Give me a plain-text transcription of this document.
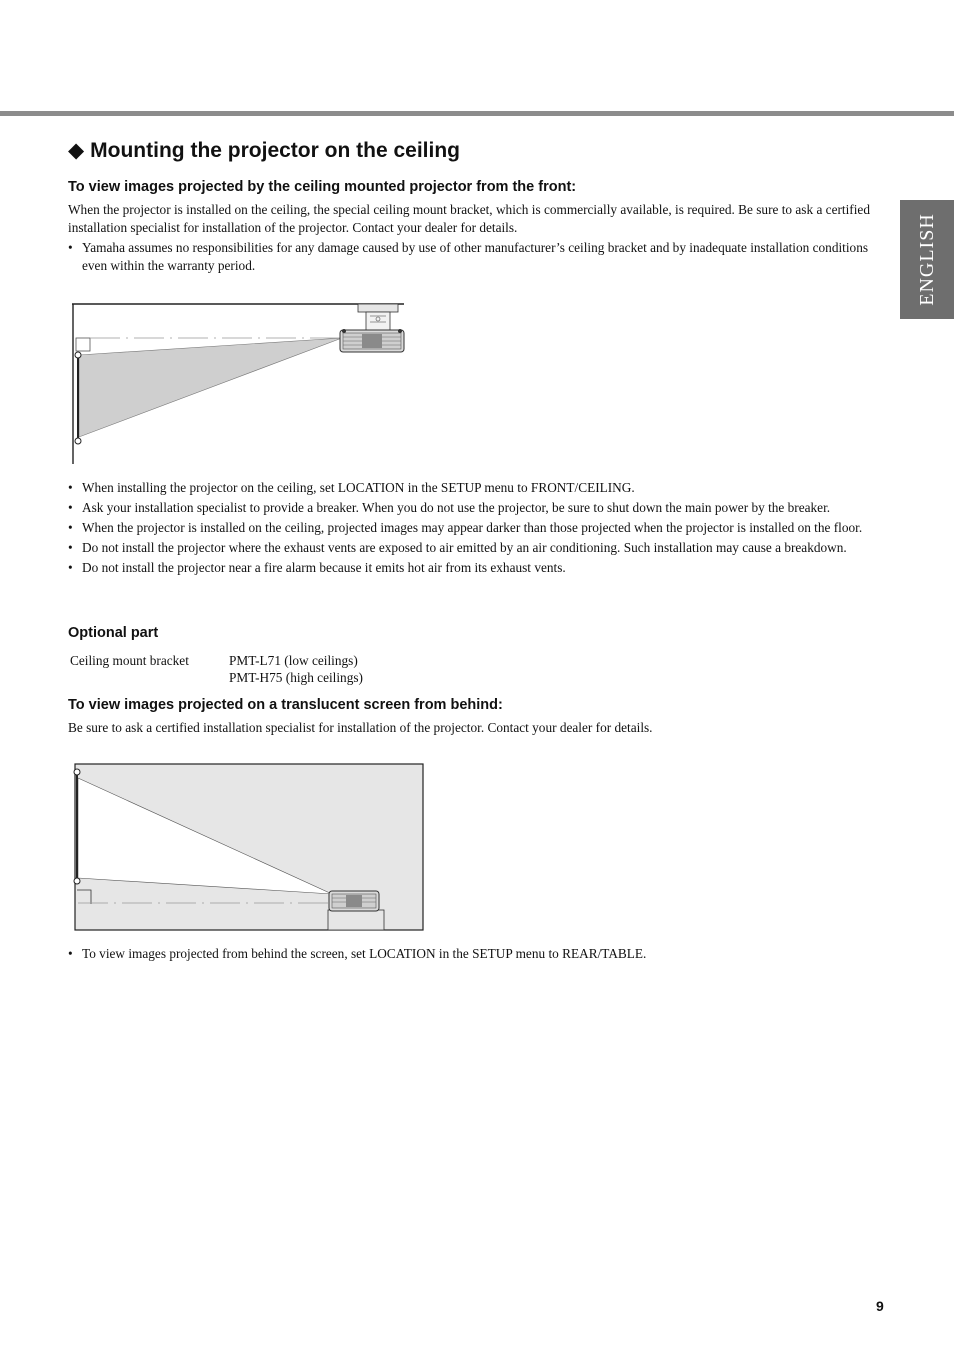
ENGLISH
◆ Mounting the projector on the ceiling
To view images projected by the ceiling mounted projector from the front:

When the projector is installed on the ceiling, the special ceiling mount bracket, which is commercially available, is required. Be sure to ask a certified installation specialist for installation of the projector. Contact your dealer for details.

• Yamaha assumes no responsibilities for any damage caused by use of other manufacturer’s ceiling bracket and by inadequate installation conditions even within the warranty period.
• When installing the projector on the ceiling, set LOCATION in the SETUP menu to FRONT/CEILING.
• Ask your installation specialist to provide a breaker. When you do not use the projector, be sure to shut down the main power by the breaker.
• When the projector is installed on the ceiling, projected images may appear darker than those projected when the projector is installed on the floor.
• Do not install the projector where the exhaust vents are exposed to air emitted by an air conditioning. Such installation may cause a breakdown.
• Do not install the projector near a fire alarm because it emits hot air from its exhaust vents.
Optional part
Ceiling mount bracket	PMT-L71 (low ceilings)
PMT-H75 (high ceilings)
To view images projected on a translucent screen from behind:

Be sure to ask a certified installation specialist for installation of the projector. Contact your dealer for details.

• To view images projected from behind the screen, set LOCATION in the SETUP menu to REAR/TABLE.
9
